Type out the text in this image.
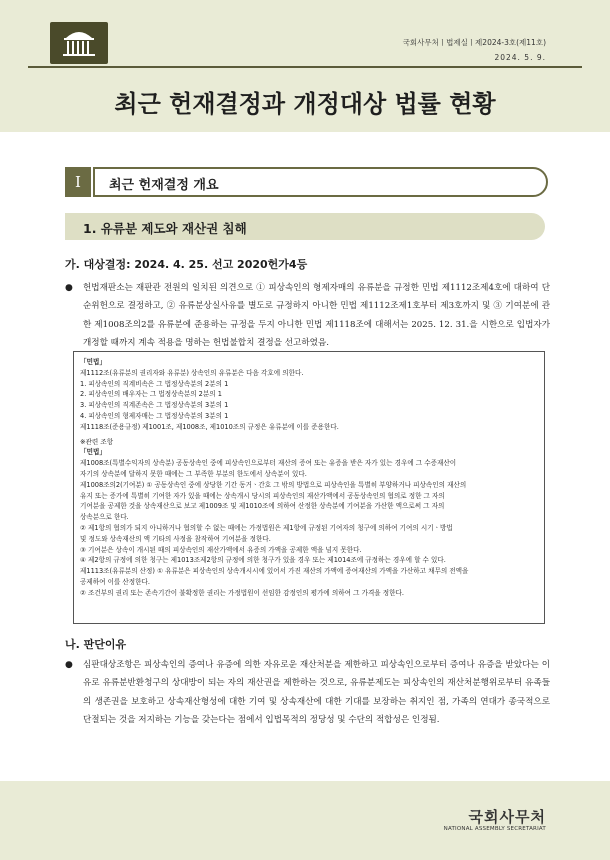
국회사무처ㅣ법제실ㅣ제2024-3호(제11호)
2024. 5. 9.
최근 헌재결정과 개정대상 법률 현황
I	최근 헌재결정 개요
1. 유류분 제도와 재산권 침해
가. 대상결정: 2024. 4. 25. 선고 2020헌가4등
●	헌법재판소는 재판관 전원의 일치된 의견으로 ① 피상속인의 형제자매의 유류분을 규정한 민법 제1112조제4호에 대하여 단순위헌으로 결정하고, ② 유류분상실사유를 별도로 규정하지 아니한 민법 제1112조제1호부터 제3호까지 및 ③ 기여분에 관한 제1008조의2를 유류분에 준용하는 규정을 두지 아니한 민법 제1118조에 대해서는 2025. 12. 31.을 시한으로 입법자가 개정할 때까지 계속 적용을 명하는 헌법불합치 결정을 선고하였음.
「민법」
제1112조(유류분의 권리자와 유류분) 상속인의 유류분은 다음 각호에 의한다.
1. 피상속인의 직계비속은 그 법정상속분의 2분의 1
2. 피상속인의 배우자는 그 법정상속분의 2분의 1
3. 피상속인의 직계존속은 그 법정상속분의 3분의 1
4. 피상속인의 형제자매는 그 법정상속분의 3분의 1
제1118조(준용규정) 제1001조, 제1008조, 제1010조의 규정은 유류분에 이를 준용한다.
※관련 조항
「민법」
제1008조(특별수익자의 상속분) 공동상속인 중에 피상속인으로부터 재산의 증여 또는 유증을 받은 자가 있는 경우에 그 수증재산이
자기의 상속분에 달하지 못한 때에는 그 부족한 부분의 한도에서 상속분이 있다.
제1008조의2(기여분) ① 공동상속인 중에 상당한 기간 동거ㆍ간호 그 밖의 방법으로 피상속인을 특별히 부양하거나 피상속인의 재산의
유지 또는 증가에 특별히 기여한 자가 있을 때에는 상속개시 당시의 피상속인의 재산가액에서 공동상속인의 협의로 정한 그 자의
기여분을 공제한 것을 상속재산으로 보고 제1009조 및 제1010조에 의하여 산정한 상속분에 기여분을 가산한 액으로써 그 자의
상속분으로 한다.
② 제1항의 협의가 되지 아니하거나 협의할 수 없는 때에는 가정법원은 제1항에 규정된 기여자의 청구에 의하여 기여의 시기ㆍ방법
및 정도와 상속재산의 액 기타의 사정을 참작하여 기여분을 정한다.
③ 기여분은 상속이 개시된 때의 피상속인의 재산가액에서 유증의 가액을 공제한 액을 넘지 못한다.
④ 제2항의 규정에 의한 청구는 제1013조제2항의 규정에 의한 청구가 있을 경우 또는 제1014조에 규정하는 경우에 할 수 있다.
제1113조(유류분의 산정) ① 유류분은 피상속인의 상속개시시에 있어서 가진 재산의 가액에 증여재산의 가액을 가산하고 채무의 전액을
공제하여 이를 산정한다.
② 조건부의 권리 또는 존속기간이 불확정한 권리는 가정법원이 선임한 감정인의 평가에 의하여 그 가격을 정한다.
나. 판단이유
●	심판대상조항은 피상속인의 증여나 유증에 의한 자유로운 재산처분을 제한하고 피상속인으로부터 증여나 유증을 받았다는 이유로 유류분반환청구의 상대방이 되는 자의 재산권을 제한하는 것으로, 유류분제도는 피상속인의 재산처분행위로부터 유족들의 생존권을 보호하고 상속재산형성에 대한 기여 및 상속재산에 대한 기대를 보장하는 취지인 점, 가족의 연대가 종국적으로 단절되는 것을 저지하는 기능을 갖는다는 점에서 입법목적의 정당성 및 수단의 적합성은 인정됨.
국회사무처
NATIONAL ASSEMBLY SECRETARIAT
